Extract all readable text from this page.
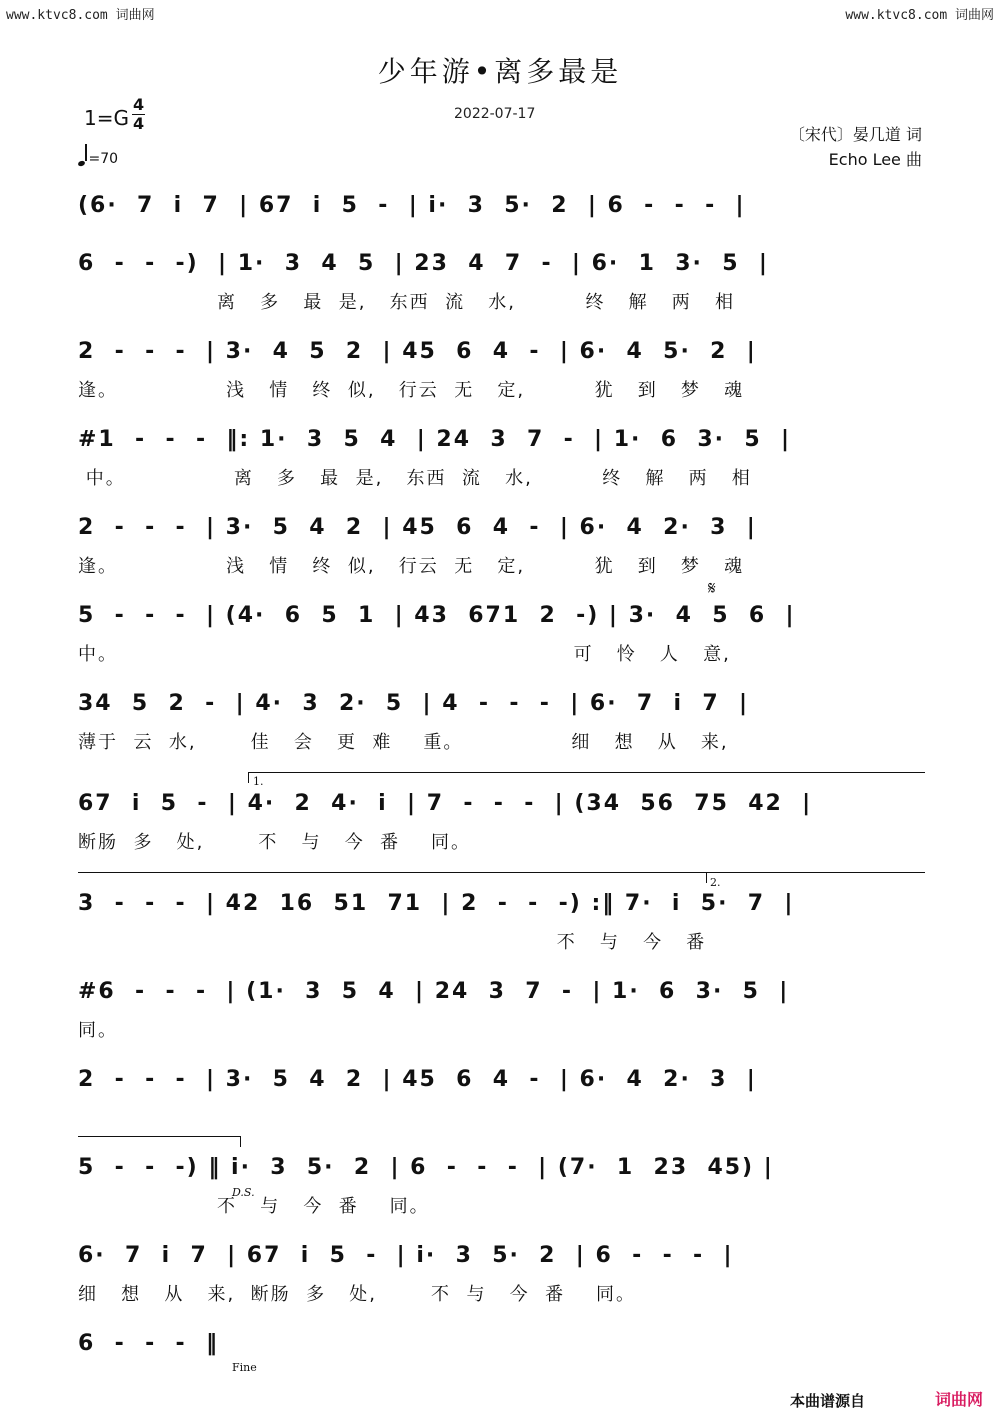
www.ktvc8.com 词曲网	www.ktvc8.com 词曲网
少年游•离多最是
2022-07-17
1=G
4
4
=70
〔宋代〕晏几道 词
Echo Lee 曲
(6·  7  i  7  | 67  i  5  -  | i·  3  5·  2  | 6  -  -  -  |
6  -  -  -)  | 1·  3  4  5  | 23  4  7  -  | 6·  1  3·  5  |
离   多   最  是,   东西  流   水,         终   解   两   相
2  -  -  -  | 3·  4  5  2  | 45  6  4  -  | 6·  4  5·  2  |
逢。              浅   情   终  似,   行云  无   定,         犹   到   梦   魂
#1  -  -  -  ‖: 1·  3  5  4  | 24  3  7  -  | 1·  6  3·  5  |
中。              离   多   最  是,   东西  流   水,         终   解   两   相
2  -  -  -  | 3·  5  4  2  | 45  6  4  -  | 6·  4  2·  3  |
逢。              浅   情   终  似,   行云  无   定,         犹   到   梦   魂
𝄋
5  -  -  -  | (4·  6  5  1  | 43  671  2  -) | 3·  4  5  6  |
中。                                                           可   怜   人   意,
34  5  2  -  | 4·  3  2·  5  | 4  -  -  -  | 6·  7  i  7  |
薄于  云  水,       佳   会   更  难    重。              细   想   从   来,
1.
67  i  5  -  | 4·  2  4·  i  | 7  -  -  -  | (34  56  75  42  |
断肠  多   处,       不   与   今  番    同。
2.
3  -  -  -  | 42  16  51  71  | 2  -  -  -) :‖ 7·  i  5·  7  |
不   与   今   番
#6  -  -  -  | (1·  3  5  4  | 24  3  7  -  | 1·  6  3·  5  |
同。
2  -  -  -  | 3·  5  4  2  | 45  6  4  -  | 6·  4  2·  3  |
5  -  -  -) ‖ i·  3  5·  2  | 6  -  -  -  | (7·  1  23  45) |
不   与   今  番    同。
D.S.
6·  7  i  7  | 67  i  5  -  | i·  3  5·  2  | 6  -  -  -  |
细   想   从   来,  断肠  多   处,       不  与   今  番    同。
6  -  -  -  ‖
Fine
本曲谱源自	词曲网
